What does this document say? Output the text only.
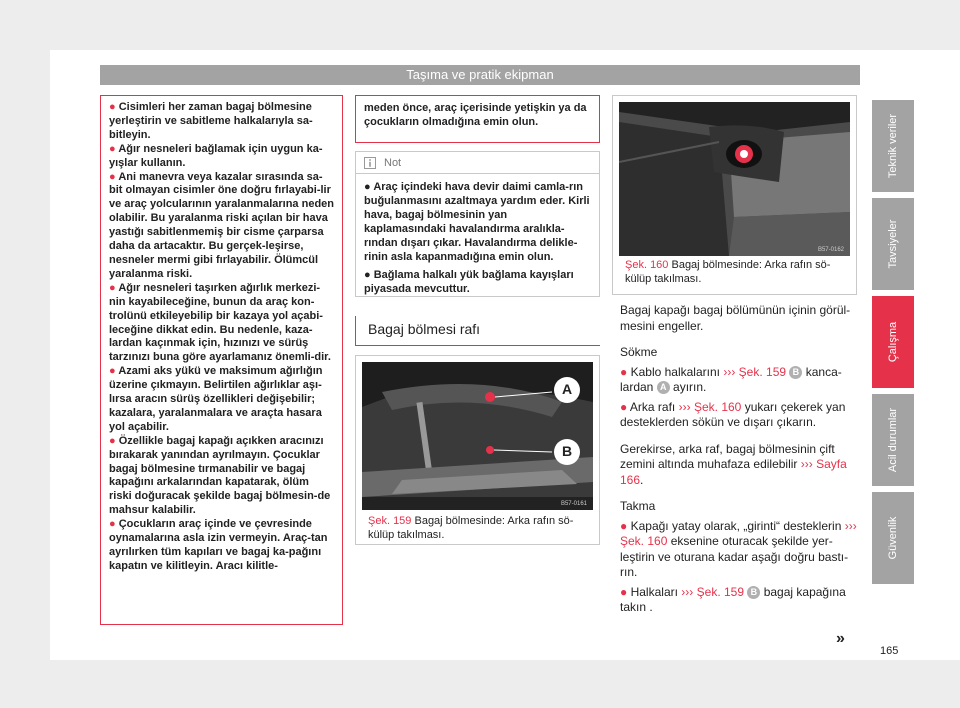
Taşıma ve pratik ekipman
● Cisimleri her zaman bagaj bölmesine yerleştirin ve sabitleme halkalarıyla sa-bitleyin.
● Ağır nesneleri bağlamak için uygun ka-yışlar kullanın.
● Ani manevra veya kazalar sırasında sa-bit olmayan cisimler öne doğru fırlayabi-lir ve araç yolcularının yaralanmalarına neden olabilir. Bu yaralanma riski açılan bir hava yastığı sabitlenmemiş bir cisme çarparsa daha da artacaktır. Bu gerçek-leşirse, nesneler mermi gibi fırlayabilir. Ölümcül yaralanma riski.
● Ağır nesneleri taşırken ağırlık merkezi-nin kayabileceğine, bunun da araç kon-trolünü etkileyebilip bir kazaya yol açabi-leceğine dikkat edin. Bu nedenle, kaza-lardan kaçınmak için, hızınızı ve sürüş tarzınızı buna göre ayarlamanız önemli-dir.
● Azami aks yükü ve maksimum ağırlığın üzerine çıkmayın. Belirtilen ağırlıklar aşı-lırsa aracın sürüş özellikleri değişebilir; kazalara, yaralanmalara ve araçta hasara yol açabilir.
● Özellikle bagaj kapağı açıkken aracınızı bırakarak yanından ayrılmayın. Çocuklar bagaj bölmesine tırmanabilir ve bagaj kapağını arkalarından kapatarak, ölüm riski doğuracak şekilde bagaj bölmesin-de mahsur kalabilir.
● Çocukların araç içinde ve çevresinde oynamalarına asla izin vermeyin. Araç-tan ayrılırken tüm kapıları ve bagaj ka-pağını kapatın ve kilitleyin. Aracı kilitle-
meden önce, araç içerisinde yetişkin ya da çocukların olmadığına emin olun.
Not
● Araç içindeki hava devir daimi camla-rın buğulanmasını azaltmaya yardım eder. Kirli hava, bagaj bölmesinin yan kaplamasındaki havalandırma aralıkla-rından dışarı çıkar. Havalandırma delikle-rinin asla kapanmadığına emin olun.
● Bağlama halkalı yük bağlama kayışları piyasada mevcuttur.
Bagaj bölmesi rafı
A
B
B57-0161
Şek. 159 Bagaj bölmesinde: Arka rafın sö-külüp takılması.
B57-0162
Şek. 160 Bagaj bölmesinde: Arka rafın sö-külüp takılması.
Bagaj kapağı bagaj bölümünün içinin görül-mesini engeller.
Sökme
● Kablo halkalarını ››› Şek. 159 B kanca-lardan A ayırın.
● Arka rafı ››› Şek. 160 yukarı çekerek yan desteklerden sökün ve dışarı çıkarın.
Gerekirse, arka raf, bagaj bölmesinin çift zemini altında muhafaza edilebilir ››› Sayfa 166.
Takma
● Kapağı yatay olarak, „girinti“ desteklerin ››› Şek. 160 eksenine oturacak şekilde yer-leştirin ve oturana kadar aşağı doğru bastı-rın.
● Halkaları ››› Şek. 159 B bagaj kapağına takın .
Teknik veriler
Tavsiyeler
Çalışma
Acil durumlar
Güvenlik
»
165
